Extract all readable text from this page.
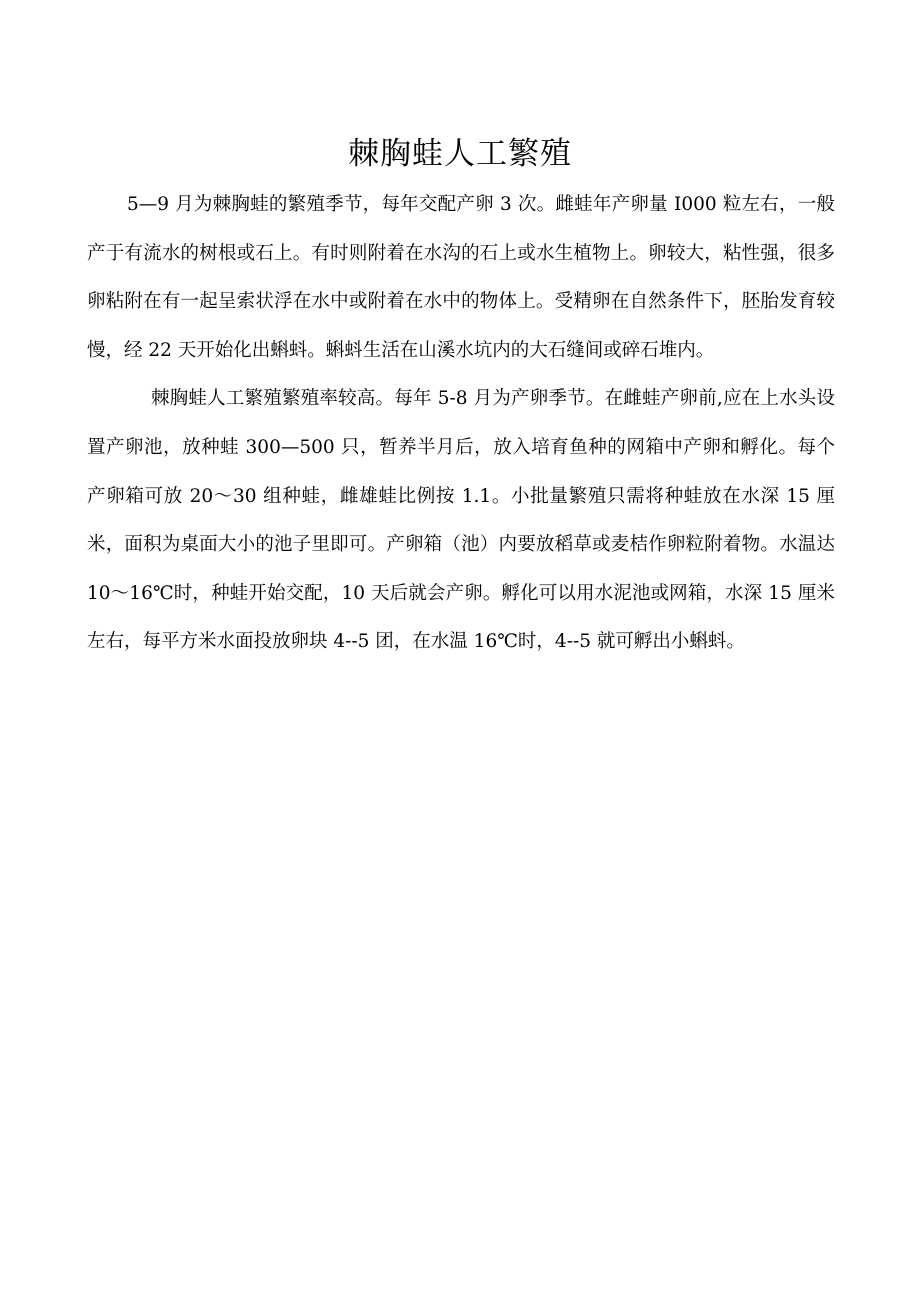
棘胸蛙人工繁殖

5—9 月为棘胸蛙的繁殖季节，每年交配产卵 3 次。雌蛙年产卵量 I000 粒左右，一般产于有流水的树根或石上。有时则附着在水沟的石上或水生植物上。卵较大，粘性强，很多卵粘附在有一起呈索状浮在水中或附着在水中的物体上。受精卵在自然条件下，胚胎发育较慢，经 22 天开始化出蝌蚪。蝌蚪生活在山溪水坑内的大石缝间或碎石堆内。

棘胸蛙人工繁殖繁殖率较高。每年 5-8 月为产卵季节。在雌蛙产卵前,应在上水头设置产卵池，放种蛙 300—500 只，暂养半月后，放入培育鱼种的网箱中产卵和孵化。每个产卵箱可放 20～30 组种蛙，雌雄蛙比例按 1.1。小批量繁殖只需将种蛙放在水深 15 厘米，面积为桌面大小的池子里即可。产卵箱（池）内要放稻草或麦桔作卵粒附着物。水温达 10～16℃时，种蛙开始交配，10 天后就会产卵。孵化可以用水泥池或网箱，水深 15 厘米左右，每平方米水面投放卵块 4--5 团，在水温 16℃时，4--5 就可孵出小蝌蚪。
